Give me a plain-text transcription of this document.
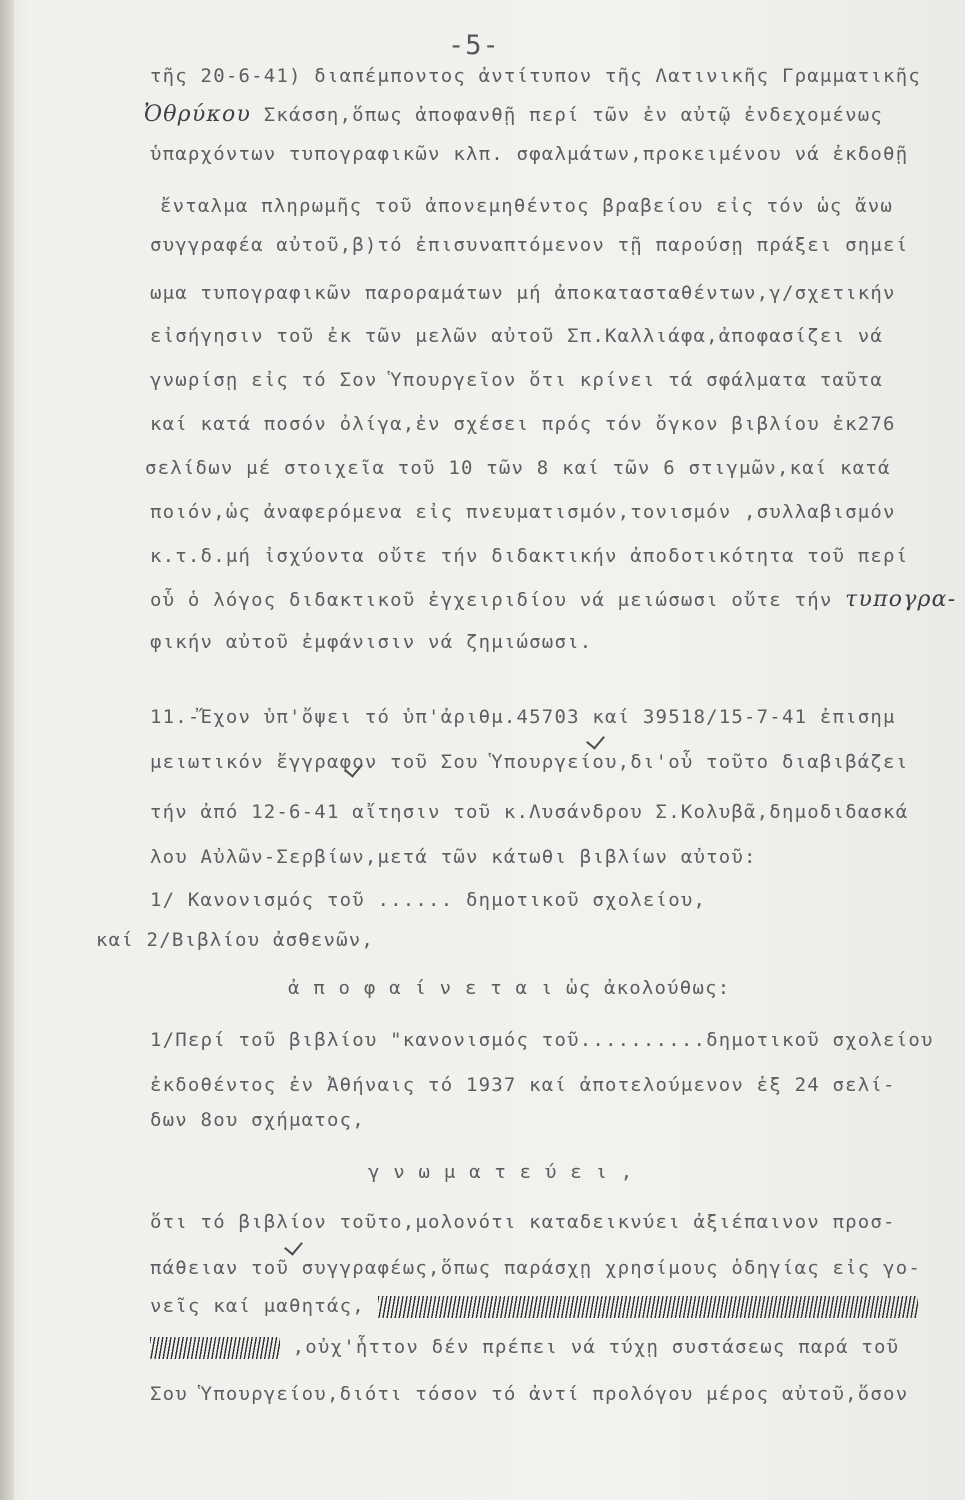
-5-
τῆς 20-6-41) διαπέμποντος ἀντίτυπον τῆς Λατινικῆς Γραμματικῆς
Ὀθρύκου Σκάσση,ὅπως ἀποφανθῇ περί τῶν ἐν αὐτῷ ἐνδεχομένως
ὑπαρχόντων τυπογραφικῶν κλπ. σφαλμάτων,προκειμένου νά ἐκδοθῇ
ἔνταλμα πληρωμῆς τοῦ ἀπονεμηθέντος βραβείου εἰς τόν ὡς ἄνω
συγγραφέα αὐτοῦ,β)τό ἐπισυναπτόμενον τῇ παρούσῃ πράξει σημεί
ωμα τυπογραφικῶν παροραμάτων μή ἀποκατασταθέντων,γ/σχετικήν
εἰσήγησιν τοῦ ἐκ τῶν μελῶν αὐτοῦ Σπ.Καλλιάφα,ἀποφασίζει νά
γνωρίσῃ εἰς τό Σον Ὑπουργεῖον ὅτι κρίνει τά σφάλματα ταῦτα
καί κατά ποσόν ὀλίγα,ἐν σχέσει πρός τόν ὄγκον βιβλίου ἐκ276
σελίδων μέ στοιχεῖα τοῦ 10 τῶν 8 καί τῶν 6 στιγμῶν,καί κατά
ποιόν,ὡς ἀναφερόμενα εἰς πνευματισμόν,τονισμόν ,συλλαβισμόν
κ.τ.δ.μή ἰσχύοντα οὔτε τήν διδακτικήν ἀποδοτικότητα τοῦ περί
οὗ ὁ λόγος διδακτικοῦ ἐγχειριδίου νά μειώσωσι οὔτε τήν τυπογρα-
φικήν αὐτοῦ ἐμφάνισιν νά ζημιώσωσι.
11.-Ἔχον ὑπ'ὄψει τό ὑπ'ἀριθμ.45703 καί 39518/15-7-41 ἐπισημ
μειωτικόν ἔγγραφον τοῦ Σου Ὑπουργείου,δι'οὗ τοῦτο διαβιβάζει
τήν ἀπό 12-6-41 αἴτησιν τοῦ κ.Λυσάνδρου Σ.Κολυβᾶ,δημοδιδασκά
λου Αὐλῶν-Σερβίων,μετά τῶν κάτωθι βιβλίων αὐτοῦ:
1/ Κανονισμός τοῦ ...... δημοτικοῦ σχολείου,
καί 2/Βιβλίου ἀσθενῶν,
ἀ π ο φ α ί ν ε τ α ι ὡς ἀκολούθως:
1/Περί τοῦ βιβλίου "κανονισμός τοῦ..........δημοτικοῦ σχολείου
ἐκδοθέντος ἐν Ἀθήναις τό 1937 καί ἀποτελούμενον ἐξ 24 σελί-
δων 8ου σχήματος,
γ ν ω μ α τ ε ύ ε ι ,
ὅτι τό βιβλίον τοῦτο,μολονότι καταδεικνύει ἀξιέπαινον προσ-
πάθειαν τοῦ συγγραφέως,ὅπως παράσχῃ χρησίμους ὁδηγίας εἰς γο-
νεῖς καί μαθητάς,
,οὐχ'ἧττον δέν πρέπει νά τύχῃ συστάσεως παρά τοῦ
Σου Ὑπουργείου,διότι τόσον τό ἀντί προλόγου μέρος αὐτοῦ,ὅσον
